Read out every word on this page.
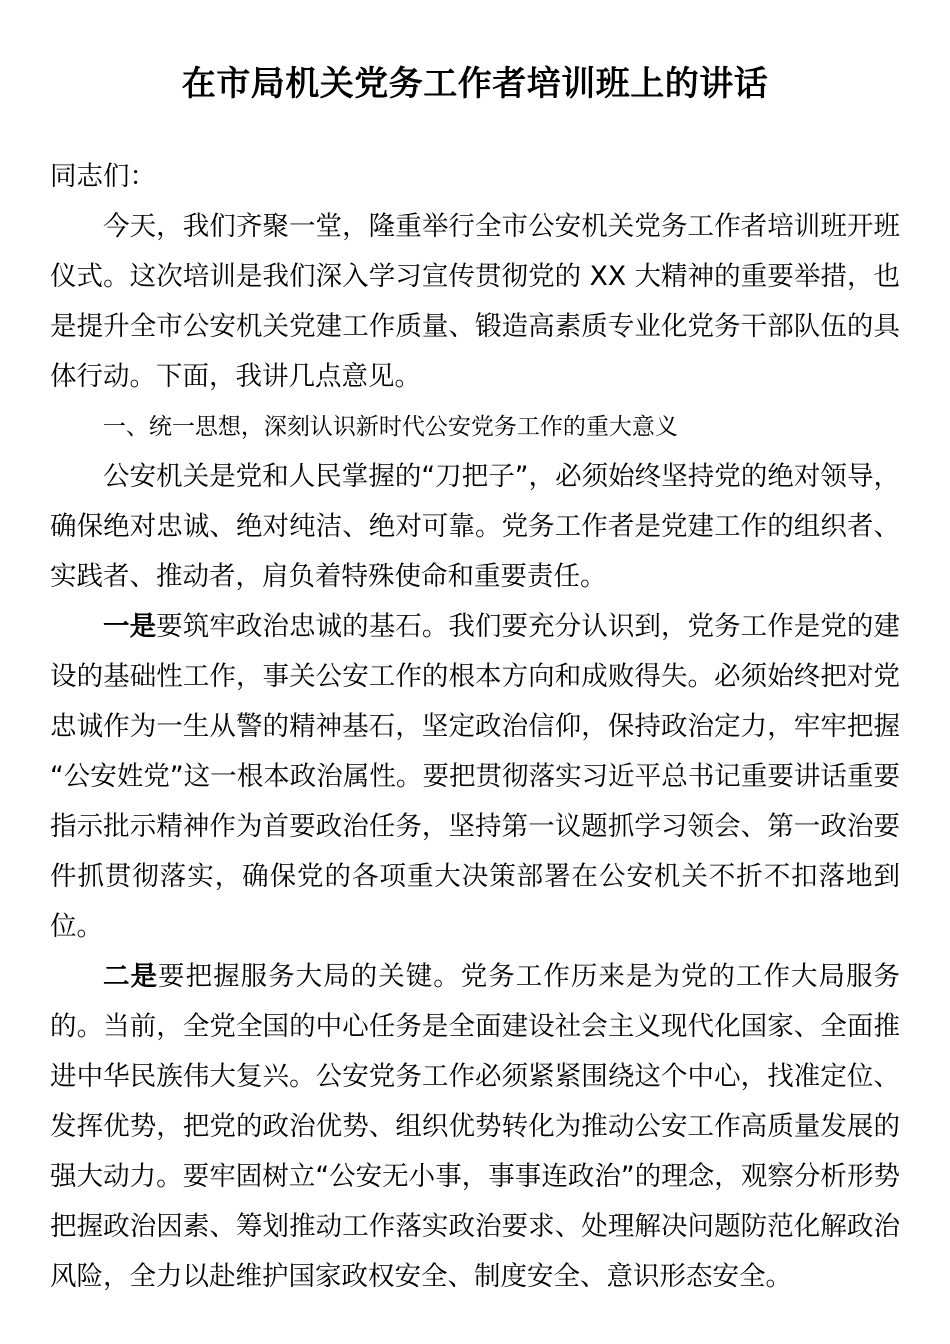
在市局机关党务工作者培训班上的讲话

同志们：

今天，我们齐聚一堂，隆重举行全市公安机关党务工作者培训班开班仪式。这次培训是我们深入学习宣传贯彻党的 XX 大精神的重要举措，也是提升全市公安机关党建工作质量、锻造高素质专业化党务干部队伍的具体行动。下面，我讲几点意见。

一、统一思想，深刻认识新时代公安党务工作的重大意义

公安机关是党和人民掌握的“刀把子”，必须始终坚持党的绝对领导，确保绝对忠诚、绝对纯洁、绝对可靠。党务工作者是党建工作的组织者、实践者、推动者，肩负着特殊使命和重要责任。

一是要筑牢政治忠诚的基石。我们要充分认识到，党务工作是党的建设的基础性工作，事关公安工作的根本方向和成败得失。必须始终把对党忠诚作为一生从警的精神基石，坚定政治信仰，保持政治定力，牢牢把握“公安姓党”这一根本政治属性。要把贯彻落实习近平总书记重要讲话重要指示批示精神作为首要政治任务，坚持第一议题抓学习领会、第一政治要件抓贯彻落实，确保党的各项重大决策部署在公安机关不折不扣落地到位。

二是要把握服务大局的关键。党务工作历来是为党的工作大局服务的。当前，全党全国的中心任务是全面建设社会主义现代化国家、全面推进中华民族伟大复兴。公安党务工作必须紧紧围绕这个中心，找准定位、发挥优势，把党的政治优势、组织优势转化为推动公安工作高质量发展的强大动力。要牢固树立“公安无小事，事事连政治”的理念，观察分析形势把握政治因素、筹划推动工作落实政治要求、处理解决问题防范化解政治风险，全力以赴维护国家政权安全、制度安全、意识形态安全。
